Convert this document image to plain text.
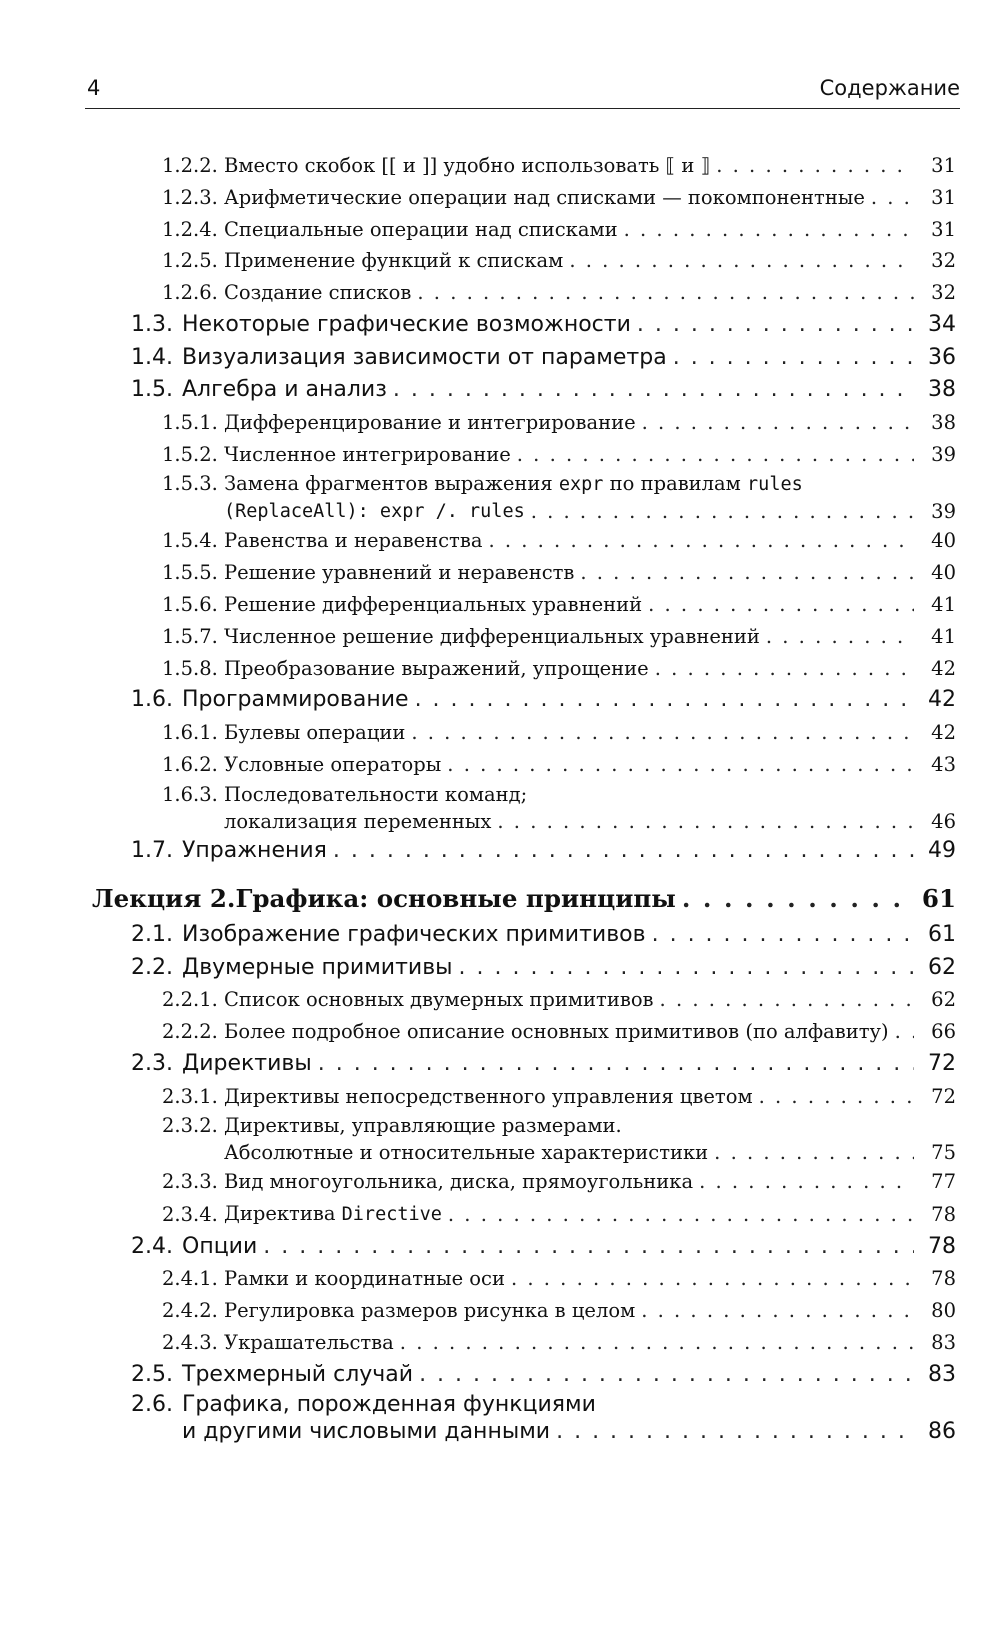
4	Содержание
1.2.2. Вместо скобок [[ и ]] удобно использовать ⟦ и ⟧ . . .	31
1.2.3. Арифметические операции над списками — покомпонентные . . .	31
1.2.4. Специальные операции над списками . . .	31
1.2.5. Применение функций к спискам . . .	32
1.2.6. Создание списков . . .	32
1.3. Некоторые графические возможности . . .	34
1.4. Визуализация зависимости от параметра . . .	36
1.5. Алгебра и анализ . . .	38
1.5.1. Дифференцирование и интегрирование . . .	38
1.5.2. Численное интегрирование . . .	39
1.5.3. Замена фрагментов выражения expr по правилам rules
(ReplaceAll): expr /. rules . . .	39
1.5.4. Равенства и неравенства . . .	40
1.5.5. Решение уравнений и неравенств . . .	40
1.5.6. Решение дифференциальных уравнений . . .	41
1.5.7. Численное решение дифференциальных уравнений . . .	41
1.5.8. Преобразование выражений, упрощение . . .	42
1.6. Программирование . . .	42
1.6.1. Булевы операции . . .	42
1.6.2. Условные операторы . . .	43
1.6.3. Последовательности команд;
локализация переменных . . .	46
1.7. Упражнения . . .	49
Лекция 2. Графика: основные принципы . . .	61
2.1. Изображение графических примитивов . . .	61
2.2. Двумерные примитивы . . .	62
2.2.1. Список основных двумерных примитивов . . .	62
2.2.2. Более подробное описание основных примитивов (по алфавиту) . . .	66
2.3. Директивы . . .	72
2.3.1. Директивы непосредственного управления цветом . . .	72
2.3.2. Директивы, управляющие размерами.
Абсолютные и относительные характеристики . . .	75
2.3.3. Вид многоугольника, диска, прямоугольника . . .	77
2.3.4. Директива Directive . . .	78
2.4. Опции . . .	78
2.4.1. Рамки и координатные оси . . .	78
2.4.2. Регулировка размеров рисунка в целом . . .	80
2.4.3. Украшательства . . .	83
2.5. Трехмерный случай . . .	83
2.6. Графика, порожденная функциями
и другими числовыми данными . . .	86
